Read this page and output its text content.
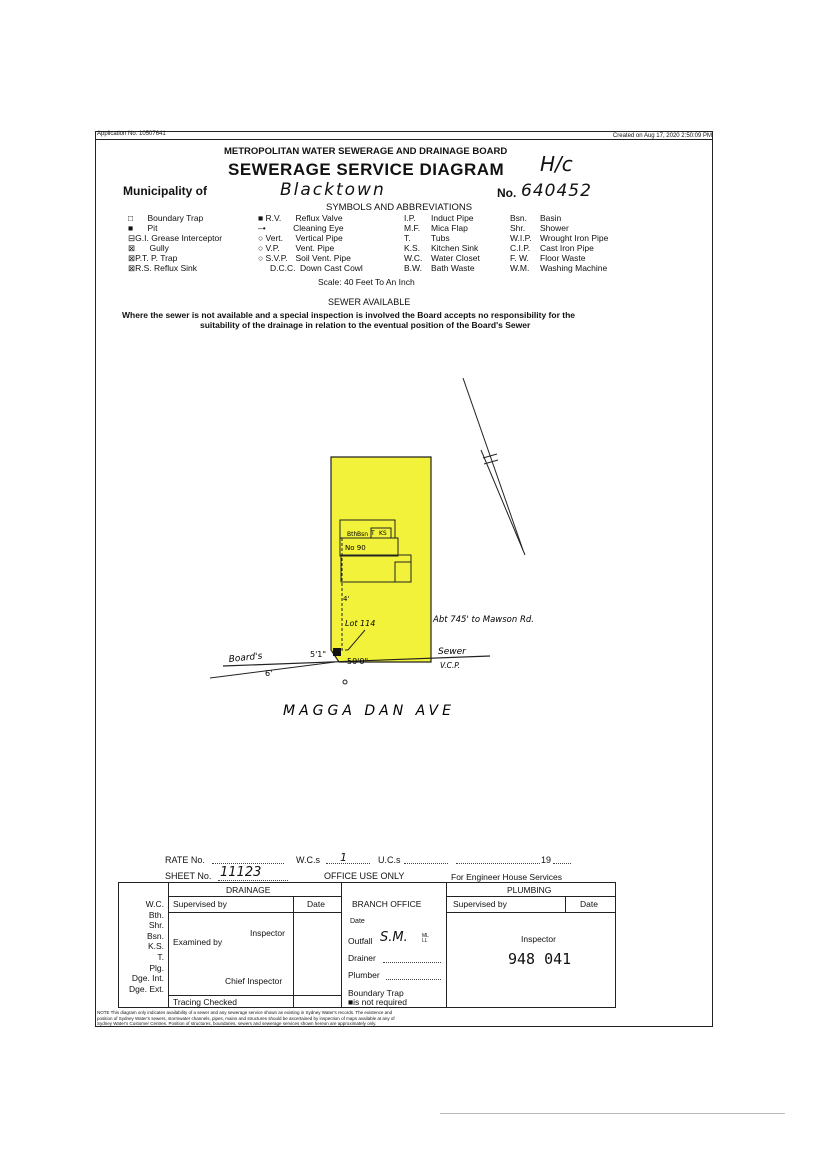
Application No. 10507641	Created on Aug 17, 2020 2:50:09 PM
METROPOLITAN WATER SEWERAGE AND DRAINAGE BOARD
SEWERAGE SERVICE DIAGRAM H/c
Municipality of	Blacktown	No. 640452
SYMBOLS AND ABBREVIATIONS
□ Boundary Trap
■ Pit
⊟G.I. Grease Interceptor
⊠ Gully
⊠P.T. P. Trap
⊠R.S. Reflux Sink
■ R.V. Reflux Valve
–•	Cleaning Eye
○ Vert. Vertical Pipe
○ V.P. Vent. Pipe
○ S.V.P. Soil Vent. Pipe
D.C.C. Down Cast Cowl
I.P. Induct Pipe
M.F. Mica Flap
T. Tubs
K.S. Kitchen Sink
W.C. Water Closet
B.W. Bath Waste
Bsn. Basin
Shr. Shower
W.I.P. Wrought Iron Pipe
C.I.P. Cast Iron Pipe
F. W. Floor Waste
W.M. Washing Machine
Scale: 40 Feet To An Inch
SEWER AVAILABLE
Where the sewer is not available and a special inspection is involved the Board accepts no responsibility for the
suitability of the drainage in relation to the eventual position of the Board's Sewer
No 90
Lot 114	Abt 745' to Mawson Rd.
Board's	Sewer
V.C.P.
5'1"
50'0"
6'
4'
Bth Bsn KS
T
MAGGA DAN AVE
RATE No.	W.C.s 1	U.C.s	19
SHEET No. 11123	OFFICE USE ONLY	For Engineer House Services
DRAINAGE	PLUMBING
W.C.
Bth.
Shr.
Bsn.
K.S.
T.
Plg.
Dge. Int.
Dge. Ext.
Supervised by	Date
Inspector
Examined by
Chief Inspector
Tracing Checked
BRANCH OFFICE
Date
Outfall S.M.	ML LL
Drainer
Plumber
Boundary Trap
■is not required
Supervised by	Date
Inspector
948 041
NOTE This diagram only indicates availability of a sewer and any sewerage service shown as existing in Sydney Water's records. The existence and
position of Sydney Water's sewers, stormwater channels, pipes, mains and structures should be ascertained by inspection of maps available at any of
Sydney Water's Customer Centres. Position of structures, boundaries, sewers and sewerage services shown hereon are approximately only.
